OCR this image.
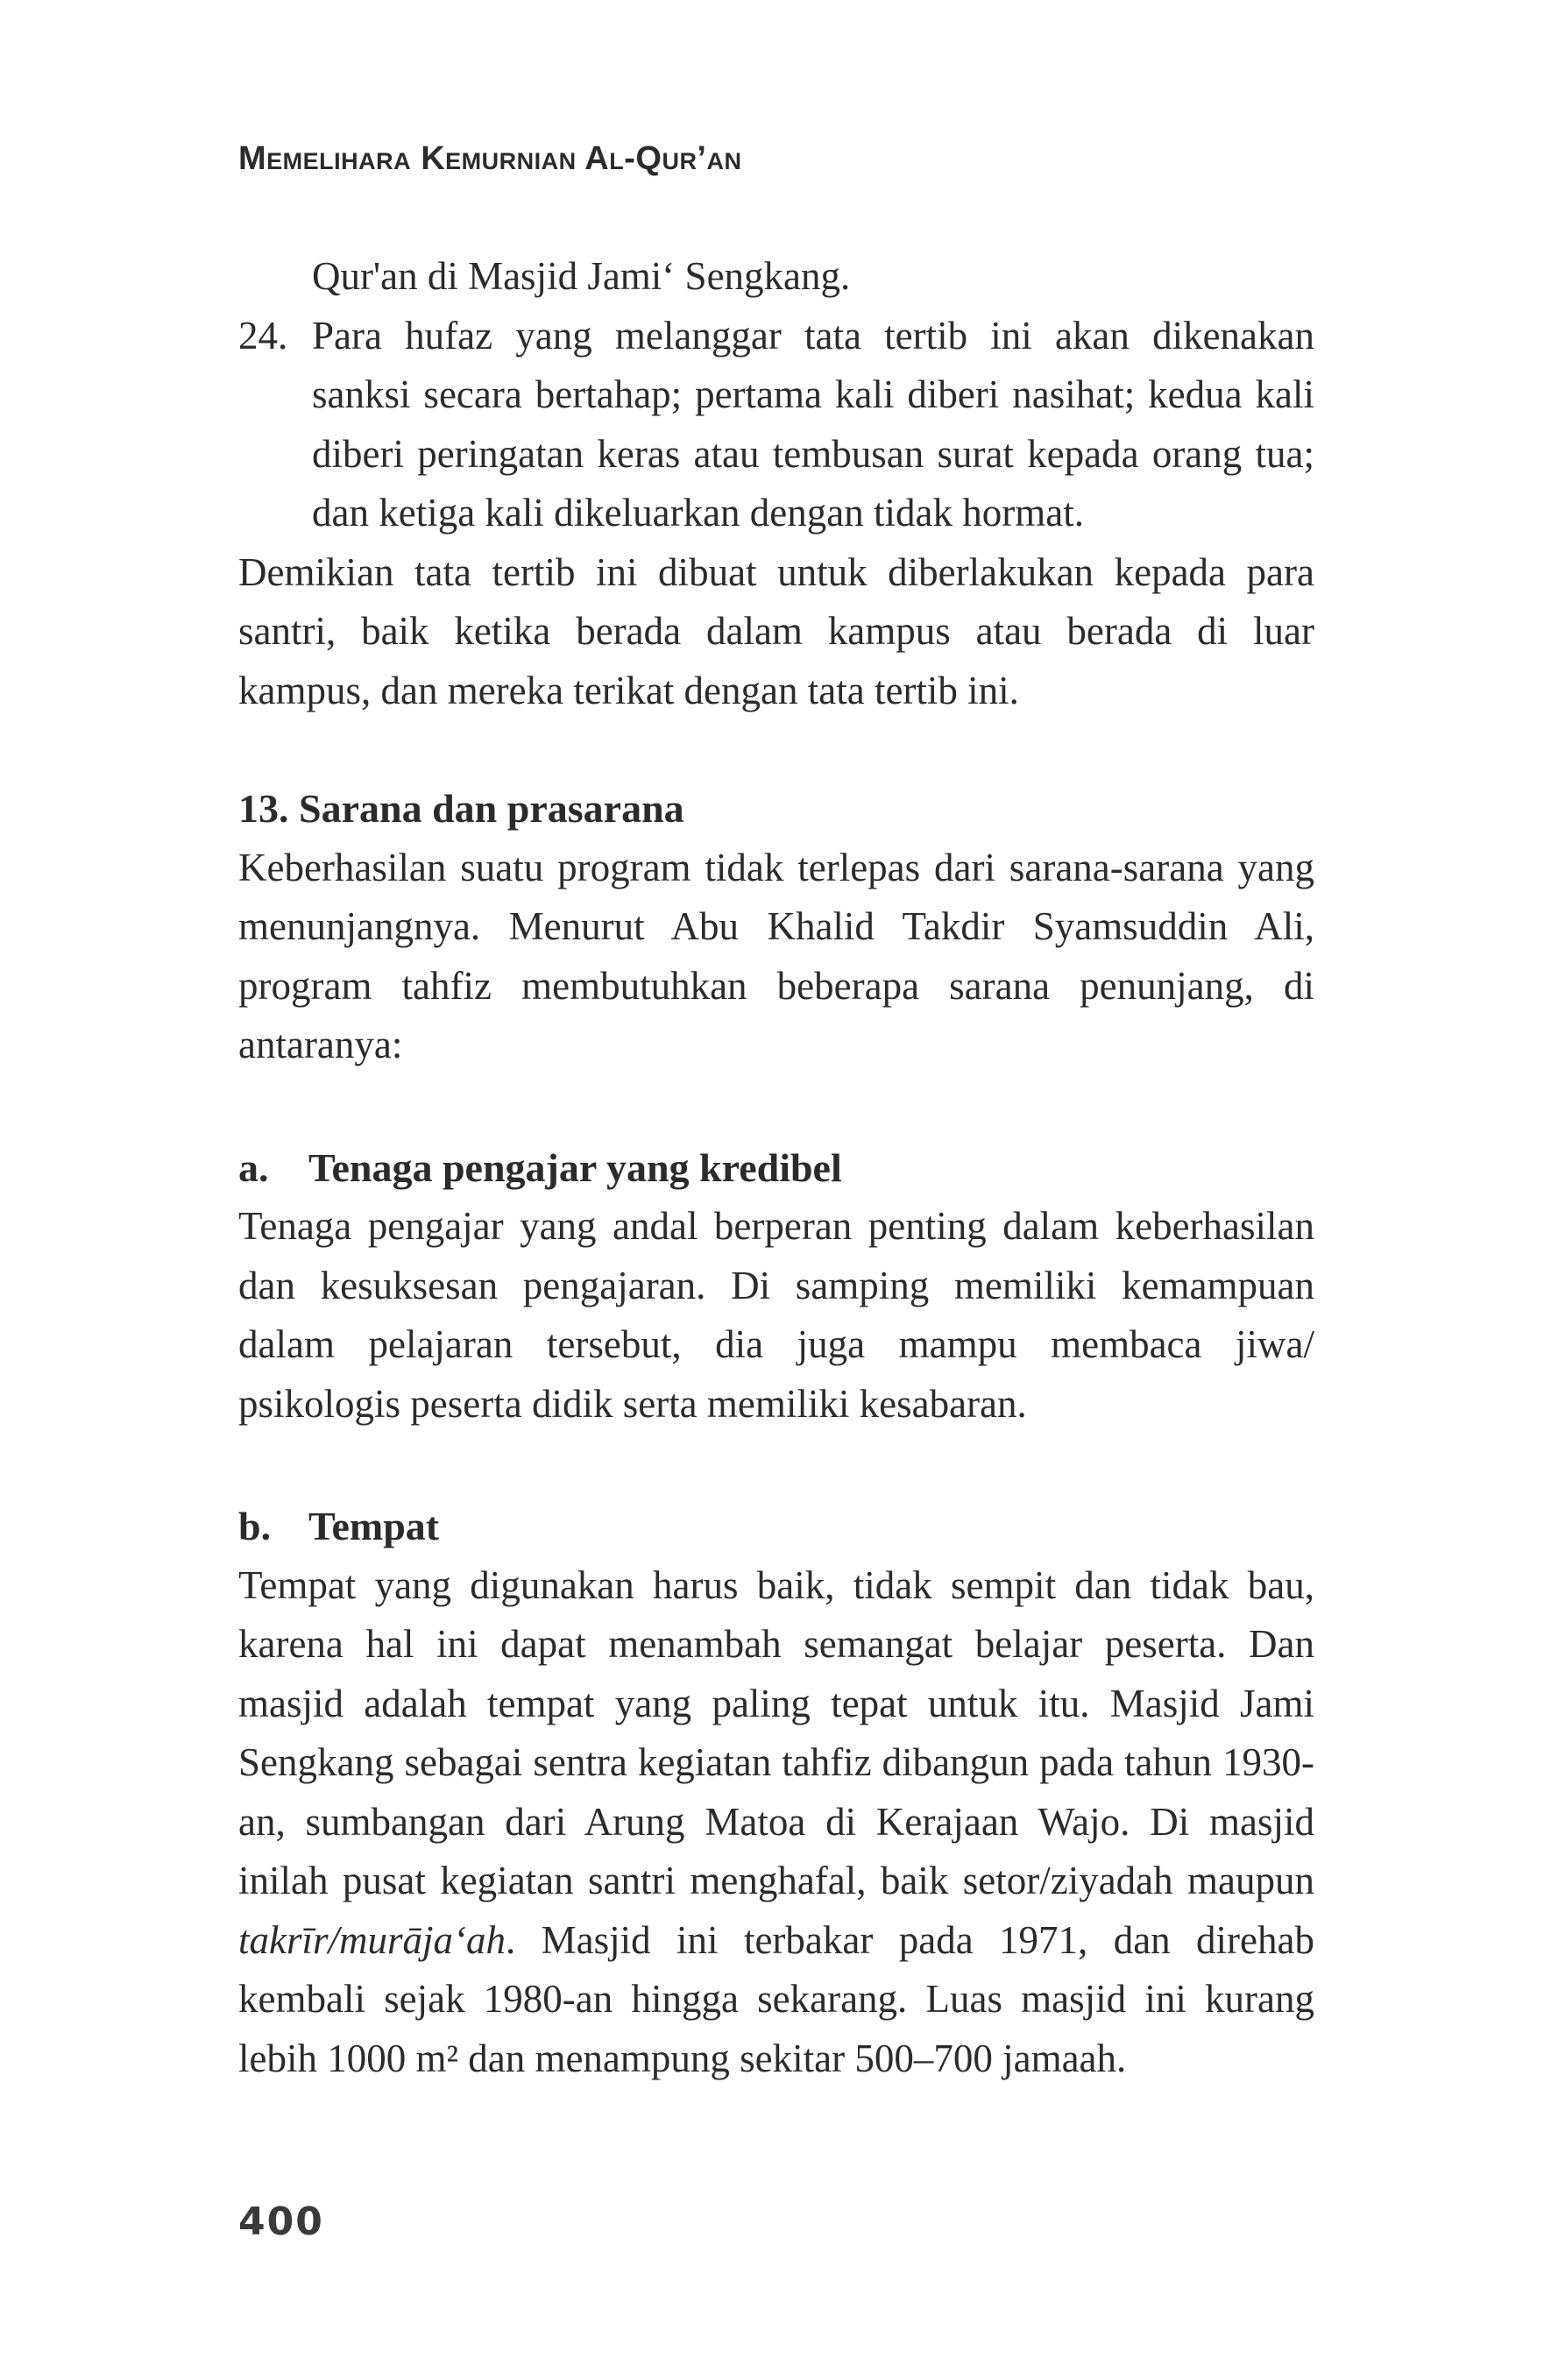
Memelihara Kemurnian Al-Qur’an

Qur'an di Masjid Jami‘ Sengkang.

24. Para hufaz yang melanggar tata tertib ini akan dikenakan sanksi secara bertahap; pertama kali diberi nasihat; kedua kali diberi peringatan keras atau tembusan surat kepada orang tua; dan ketiga kali dikeluarkan dengan tidak hormat.

Demikian tata tertib ini dibuat untuk diberlakukan kepada para santri, baik ketika berada dalam kampus atau berada di luar kampus, dan mereka terikat dengan tata tertib ini.

13. Sarana dan prasarana

Keberhasilan suatu program tidak terlepas dari sarana-sarana yang menunjangnya. Menurut Abu Khalid Takdir Syamsuddin Ali, program tahfiz membutuhkan beberapa sarana penunjang, di antaranya:

a. Tenaga pengajar yang kredibel

Tenaga pengajar yang andal berperan penting dalam keberhasilan dan kesuksesan pengajaran. Di samping memiliki kemampuan dalam pelajaran tersebut, dia juga mampu membaca jiwa/ psikologis peserta didik serta memiliki kesabaran.

b. Tempat

Tempat yang digunakan harus baik, tidak sempit dan tidak bau, karena hal ini dapat menambah semangat belajar peserta. Dan masjid adalah tempat yang paling tepat untuk itu. Masjid Jami Sengkang sebagai sentra kegiatan tahfiz dibangun pada tahun 1930-an, sumbangan dari Arung Matoa di Kerajaan Wajo. Di masjid inilah pusat kegiatan santri menghafal, baik setor/ziyadah maupun takrīr/murāja‘ah. Masjid ini terbakar pada 1971, dan direhab kembali sejak 1980-an hingga sekarang. Luas masjid ini kurang lebih 1000 m² dan menampung sekitar 500–700 jamaah.

400
